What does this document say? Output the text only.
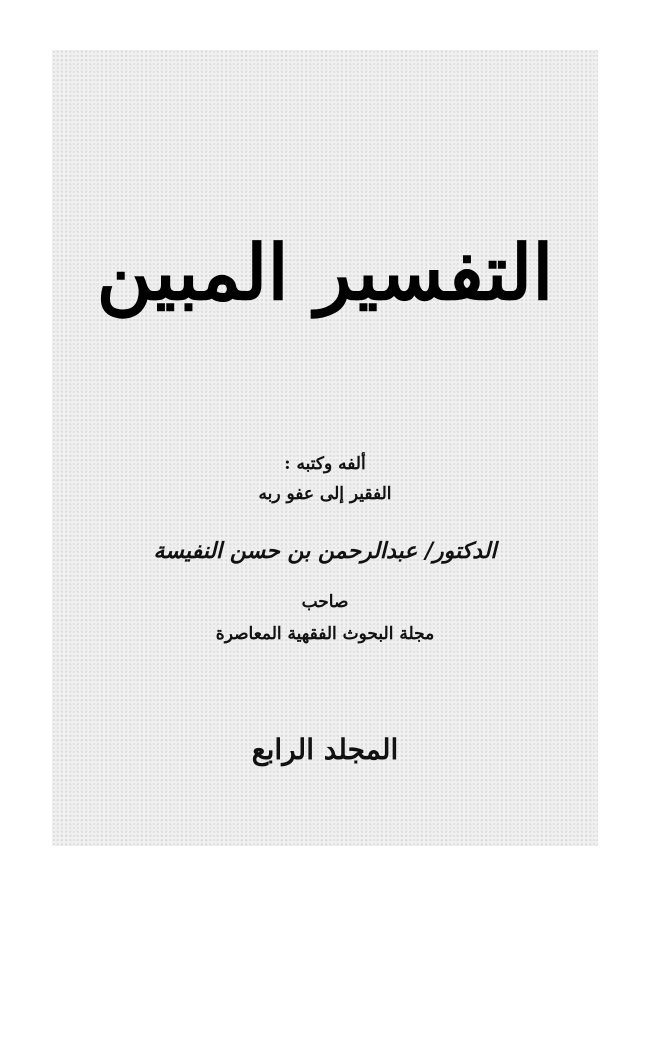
التفسير المبين
ألفه وكتبه :
الفقير إلى عفو ربه
الدكتور/ عبدالرحمن بن حسن النفيسة
صاحب
مجلة البحوث الفقهية المعاصرة
المجلد الرابع
